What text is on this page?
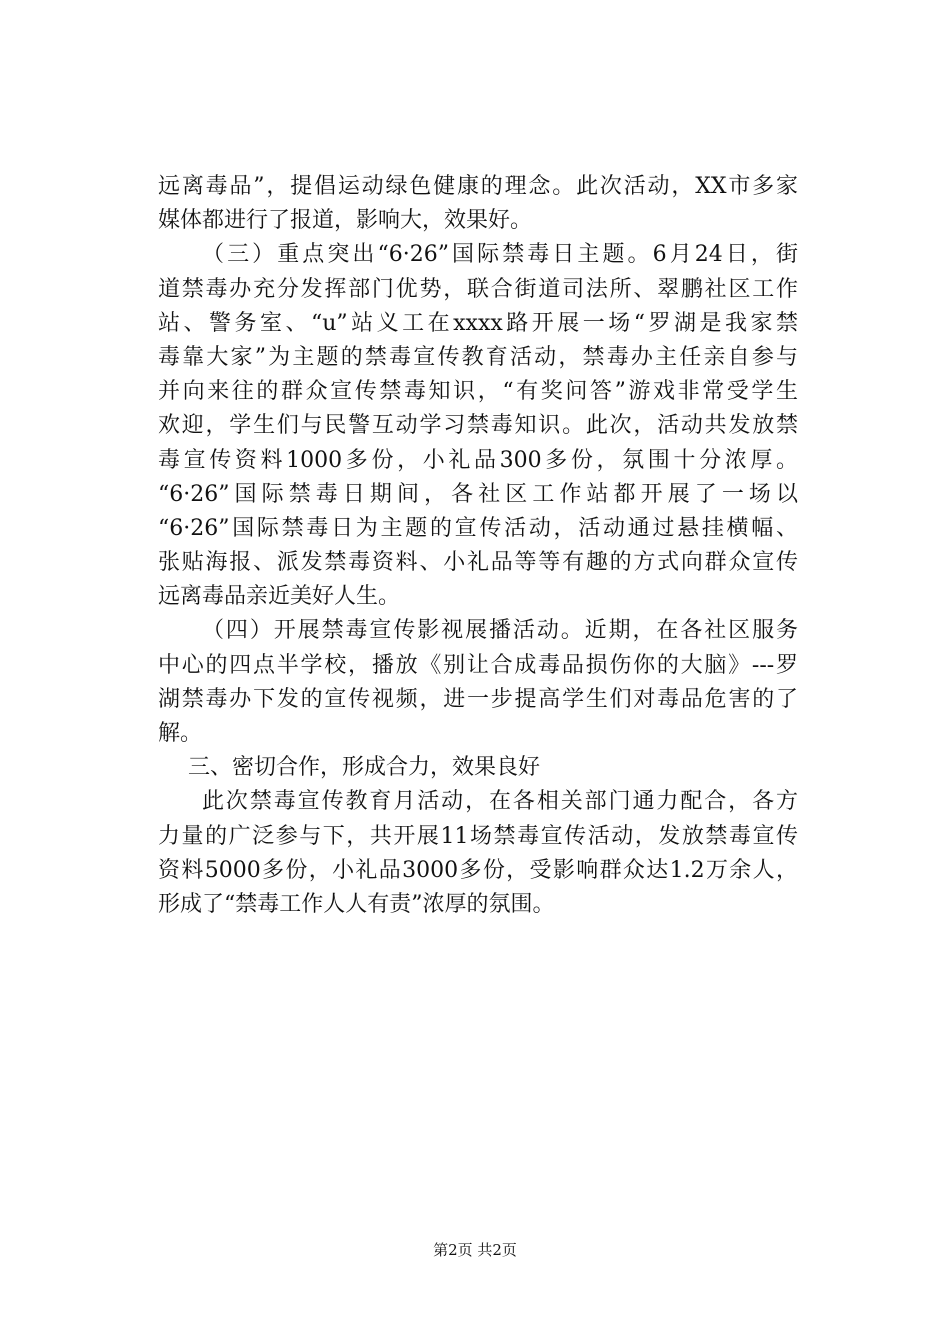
远离毒品”，提倡运动绿色健康的理念。此次活动，XX市多家
媒体都进行了报道，影响大，效果好。
（三）重点突出“6·26”国际禁毒日主题。6月24日，街
道禁毒办充分发挥部门优势，联合街道司法所、翠鹏社区工作
站、警务室、“u”站义工在xxxx路开展一场“罗湖是我家禁
毒靠大家”为主题的禁毒宣传教育活动，禁毒办主任亲自参与
并向来往的群众宣传禁毒知识，“有奖问答”游戏非常受学生
欢迎，学生们与民警互动学习禁毒知识。此次，活动共发放禁
毒宣传资料1000多份，小礼品300多份，氛围十分浓厚。
“6·26”国际禁毒日期间，各社区工作站都开展了一场以
“6·26”国际禁毒日为主题的宣传活动，活动通过悬挂横幅、
张贴海报、派发禁毒资料、小礼品等等有趣的方式向群众宣传
远离毒品亲近美好人生。
（四）开展禁毒宣传影视展播活动。近期，在各社区服务
中心的四点半学校，播放《别让合成毒品损伤你的大脑》---罗
湖禁毒办下发的宣传视频，进一步提高学生们对毒品危害的了
解。
三、密切合作，形成合力，效果良好
此次禁毒宣传教育月活动，在各相关部门通力配合，各方
力量的广泛参与下，共开展11场禁毒宣传活动，发放禁毒宣传
资料5000多份，小礼品3000多份，受影响群众达1.2万余人，
形成了“禁毒工作人人有责”浓厚的氛围。
第2页 共2页
